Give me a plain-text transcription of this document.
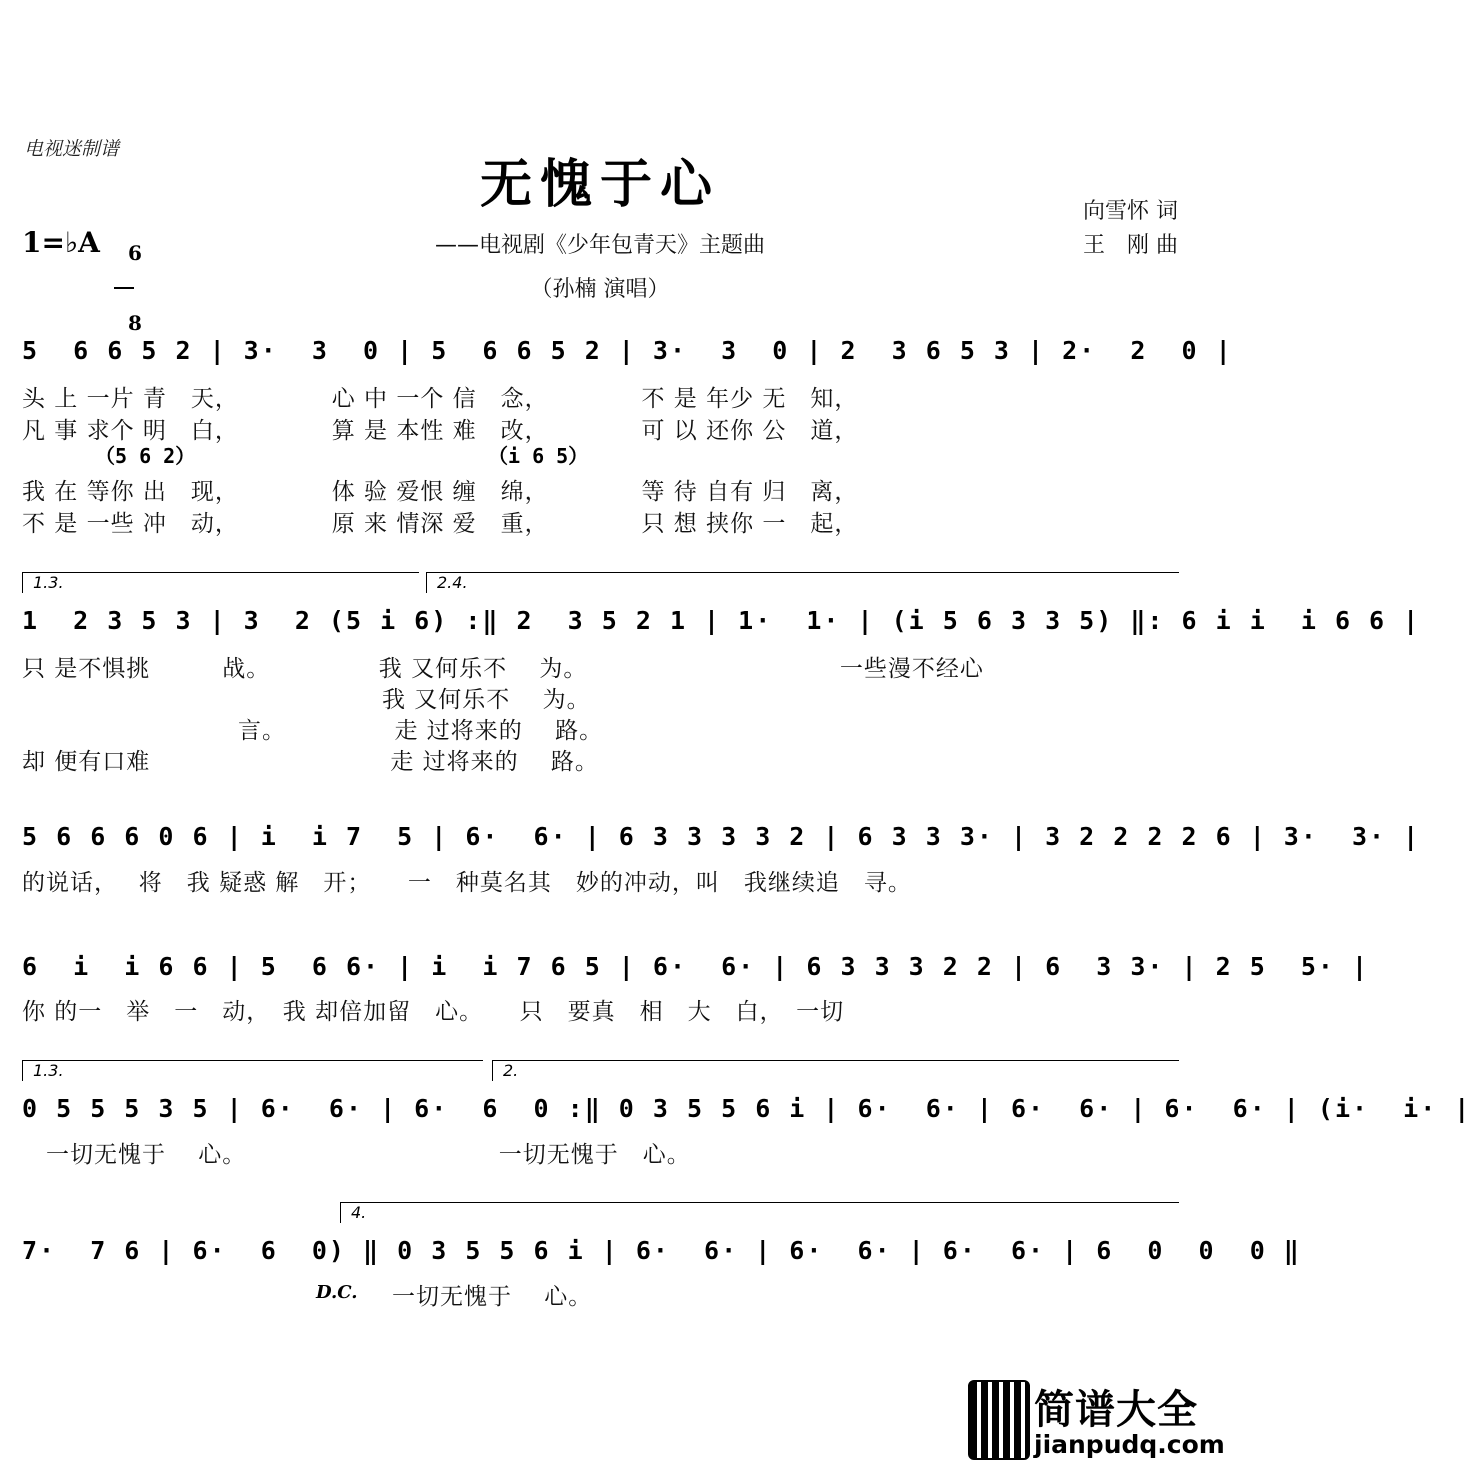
电视迷制谱
无愧于心
——电视剧《少年包青天》主题曲
（孙楠 演唱）
向雪怀 词
王　刚 曲
1=♭A	6

8

5  6 6 5 2 | 3·  3  0 | 5  6 6 5 2 | 3·  3  0 | 2  3 6 5 3 | 2·  2  0 |
（5 6 2）	（i 6 5）
头 上 一片 青　天，　　　　 心 中 一个 信　念，　　　　 不 是 年少 无　知，
凡 事 求个 明　白，　　　　 算 是 本性 难　改，　　　　 可 以 还你 公　道，
我 在 等你 出　现，　　　　 体 验 爱恨 缠　绵，　　　　 等 待 自有 归　离，
不 是 一些 冲　动，　　　　 原 来 情深 爱　重，　　　　 只 想 挟你 一　起，
1.3.	2.4.
1  2 3 5 3 | 3  2 (5 i 6) :‖ 2  3 5 2 1 | 1·  1· | (i 5 6 3 3 5) ‖: 6 i i  i 6 6 |
只 是不惧挑　　　战。　　　　　我 又何乐不　 为。　　　　　　　　　　　一些漫不经心
　　　　　　　　　　　　　　　我 又何乐不　 为。
　　　　　　　　　言。　　　　　走 过将来的　 路。
却 便有口难　　　　　　　　　　走 过将来的　 路。
5 6 6 6 0 6 | i  i 7  5 | 6·  6· | 6 3 3 3 3 2 | 6 3 3 3· | 3 2 2 2 2 6 | 3·  3· |
的说话，　 将　我 疑惑 解　开；　　一　种莫名其　妙的冲动，叫　我继续追　寻。
6  i  i 6 6 | 5  6 6· | i  i 7 6 5 | 6·  6· | 6 3 3 3 2 2 | 6  3 3· | 2 5  5· |
你 的一　举　一　动，　我 却倍加留　心。　　只　要真　相　大　白，　一切
1.3.	2.
0 5 5 5 3 5 | 6·  6· | 6·  6  0 :‖ 0 3 5 5 6 i | 6·  6· | 6·  6· | 6·  6· | (i·  i· |
　一切无愧于　 心。　　　　　　　　　　　一切无愧于　心。
4.
7·  7 6 | 6·  6  0) ‖ 0 3 5 5 6 i | 6·  6· | 6·  6· | 6·  6· | 6  0  0  0 ‖
D.C. 一切无愧于　 心。

简谱大全

jianpudq.com
